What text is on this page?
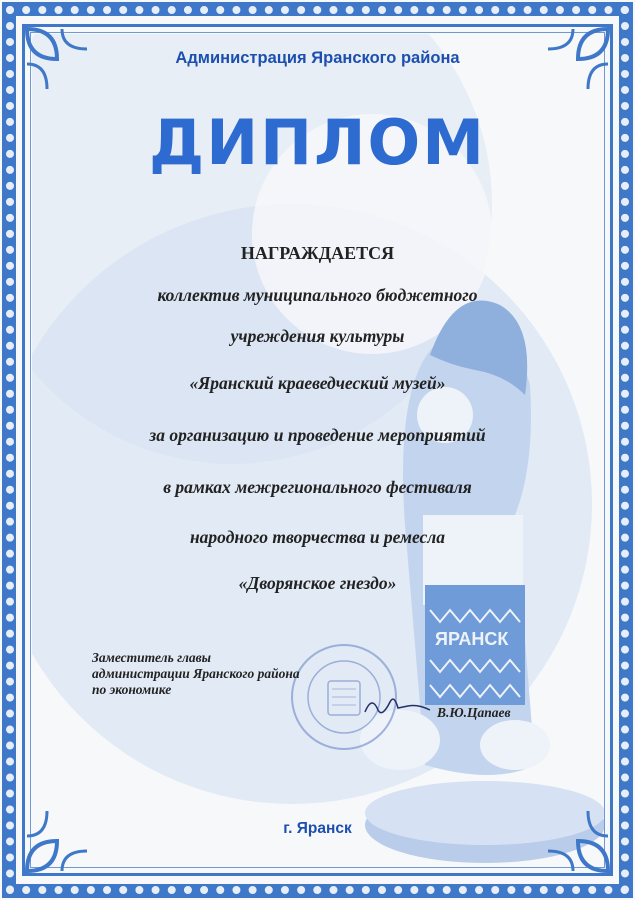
ЯРАНСК
Администрация Яранского района
ДИПЛОМ
НАГРАЖДАЕТСЯ
коллектив муниципального бюджетного
учреждения культуры
«Яранский краеведческий музей»
за организацию и проведение мероприятий
в рамках межрегионального фестиваля
народного творчества и ремесла
«Дворянское гнездо»
Заместитель главы
администрации Яранского района
по экономике
В.Ю.Цапаев
г. Яранск
